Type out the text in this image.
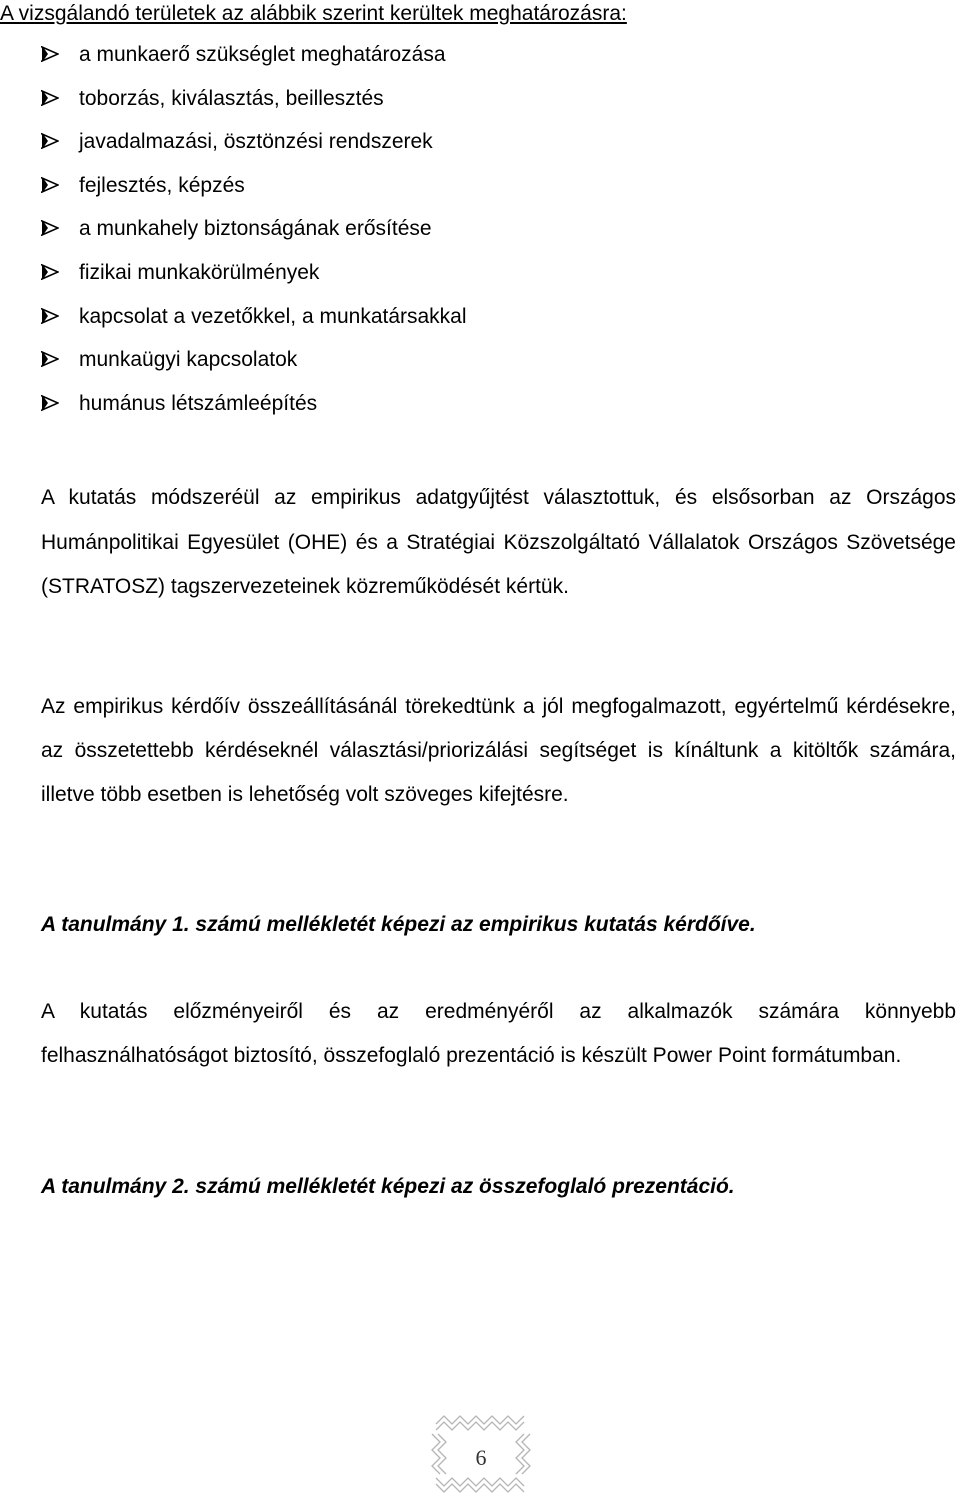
A vizsgálandó területek az alábbik szerint kerültek meghatározásra:
a munkaerő szükséglet meghatározása
toborzás, kiválasztás, beillesztés
javadalmazási, ösztönzési rendszerek
fejlesztés, képzés
a munkahely biztonságának erősítése
fizikai munkakörülmények
kapcsolat a vezetőkkel, a munkatársakkal
munkaügyi kapcsolatok
humánus létszámleépítés

A kutatás módszeréül az empirikus adatgyűjtést választottuk, és elsősorban az Országos Humánpolitikai Egyesület (OHE) és a Stratégiai Közszolgáltató Vállalatok Országos Szövetsége (STRATOSZ) tagszervezeteinek közreműködését kértük.

Az empirikus kérdőív összeállításánál törekedtünk a jól megfogalmazott, egyértelmű kérdésekre, az összetettebb kérdéseknél választási/priorizálási segítséget is kínáltunk a kitöltők számára, illetve több esetben is lehetőség volt szöveges kifejtésre.

A tanulmány 1. számú mellékletét képezi az empirikus kutatás kérdőíve.

A kutatás előzményeiről és az eredményéről az alkalmazók számára könnyebb felhasználhatóságot biztosító, összefoglaló prezentáció is készült Power Point formátumban.

A tanulmány 2. számú mellékletét képezi az összefoglaló prezentáció.

6
